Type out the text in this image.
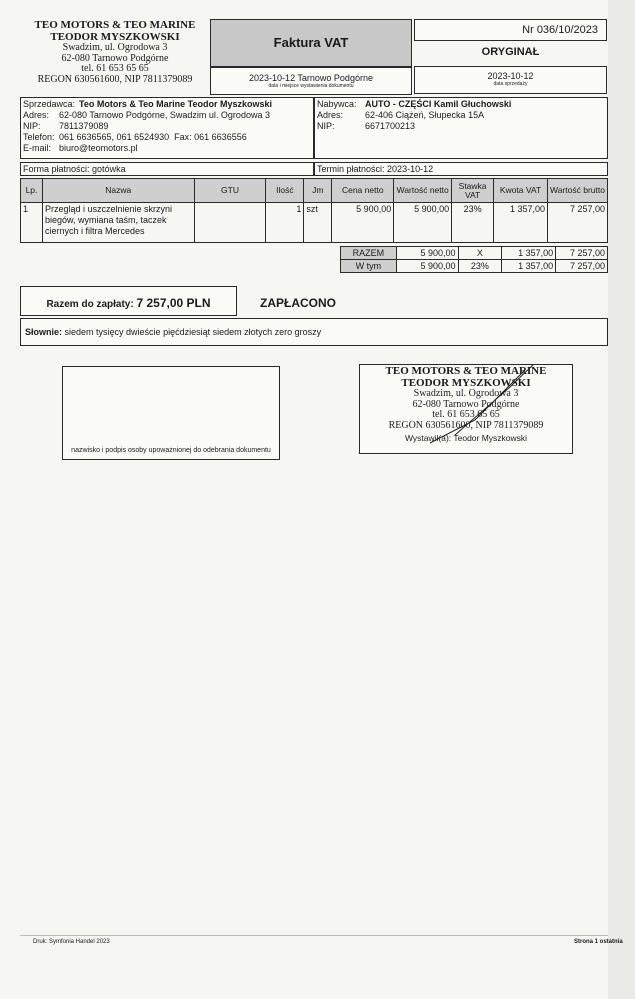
TEO MOTORS & TEO MARINE
TEODOR MYSZKOWSKI
Swadzim, ul. Ogrodowa 3
62-080 Tarnowo Podgórne
tel. 61 653 65 65
REGON 630561600, NIP 7811379089
Faktura VAT
2023-10-12 Tarnowo Podgórne
data i miejsce wystawienia dokumentu
Nr 036/10/2023
ORYGINAŁ
2023-10-12
data sprzedaży
Sprzedawca: Teo Motors & Teo Marine Teodor Myszkowski
Adres: 62-080 Tarnowo Podgórne, Swadzim ul. Ogrodowa 3
NIP: 7811379089
Telefon: 061 6636565, 061 6524930 Fax: 061 6636556
E-mail: biuro@teomotors.pl
Nabywca: AUTO - CZĘŚCI Kamil Głuchowski
Adres: 62-406 Ciążeń, Słupecka 15A
NIP:	6671700213
Forma płatności: gotówka	Termin płatności: 2023-10-12
Lp.	Nazwa	GTU	Ilość	Jm	Cena netto	Wartość netto	Stawka VAT	Kwota VAT	Wartość brutto
1	Przegląd i uszczelnienie skrzyni biegów, wymiana taśm, taczek ciernych i filtra Mercedes		1	szt	5 900,00	5 900,00	23%	1 357,00	7 257,00
RAZEM	5 900,00	X	1 357,00	7 257,00
W tym	5 900,00	23%	1 357,00	7 257,00
Razem do zapłaty: 7 257,00 PLN	ZAPŁACONO
Słownie: siedem tysięcy dwieście pięćdziesiąt siedem złotych zero groszy
nazwisko i podpis osoby upoważnionej do odebrania dokumentu
TEO MOTORS & TEO MARINE
TEODOR MYSZKOWSKI
Swadzim, ul. Ogrodowa 3
62-080 Tarnowo Podgórne
tel. 61 653 65 65
REGON 630561600, NIP 7811379089
Wystawił(a): Teodor Myszkowski
Druk: Symfonia Handel 2023	Strona 1 ostatnia
